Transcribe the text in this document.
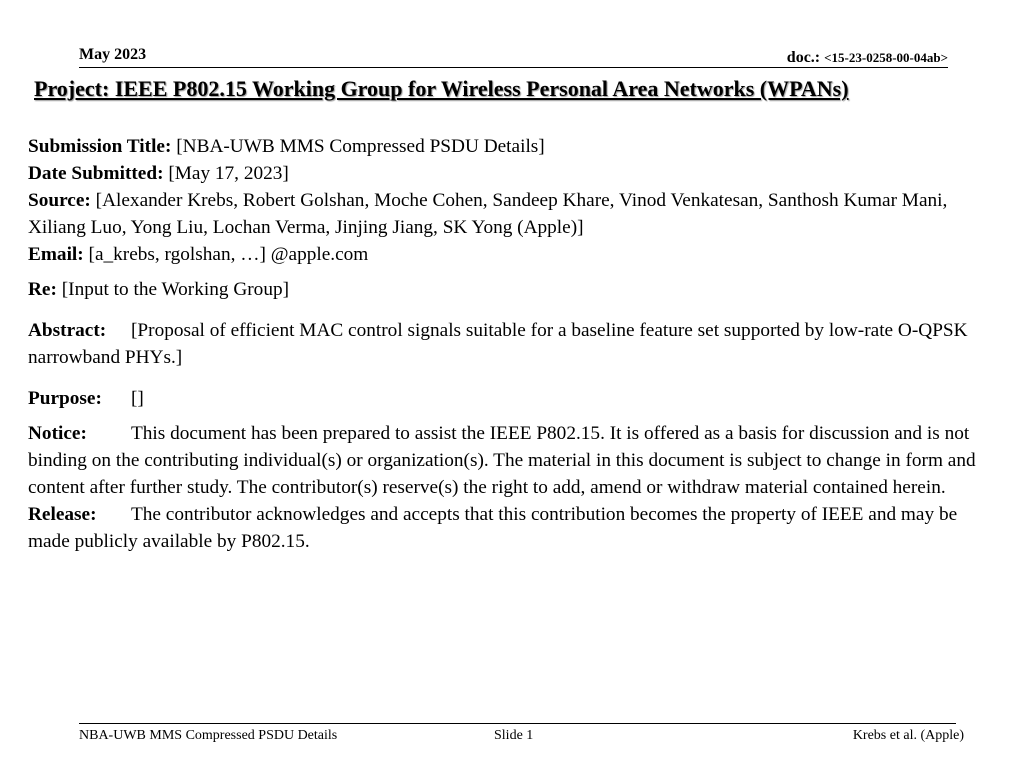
May 2023	doc.: <15-23-0258-00-04ab>
Project: IEEE P802.15 Working Group for Wireless Personal Area Networks (WPANs)

Submission Title: [NBA-UWB MMS Compressed PSDU Details]

Date Submitted: [May 17, 2023]

Source: [Alexander Krebs, Robert Golshan, Moche Cohen, Sandeep Khare, Vinod Venkatesan, Santhosh Kumar Mani, Xiliang Luo, Yong Liu, Lochan Verma, Jinjing Jiang, SK Yong (Apple)]

Email: [a_krebs, rgolshan, …] @apple.com

Re: [Input to the Working Group]

Abstract: [Proposal of efficient MAC control signals suitable for a baseline feature set supported by low-rate O-QPSK narrowband PHYs.]

Purpose: []

Notice: This document has been prepared to assist the IEEE P802.15. It is offered as a basis for discussion and is not binding on the contributing individual(s) or organization(s). The material in this document is subject to change in form and content after further study. The contributor(s) reserve(s) the right to add, amend or withdraw material contained herein.

Release: The contributor acknowledges and accepts that this contribution becomes the property of IEEE and may be made publicly available by P802.15.

NBA-UWB MMS Compressed PSDU Details	Slide 1	Krebs et al. (Apple)
